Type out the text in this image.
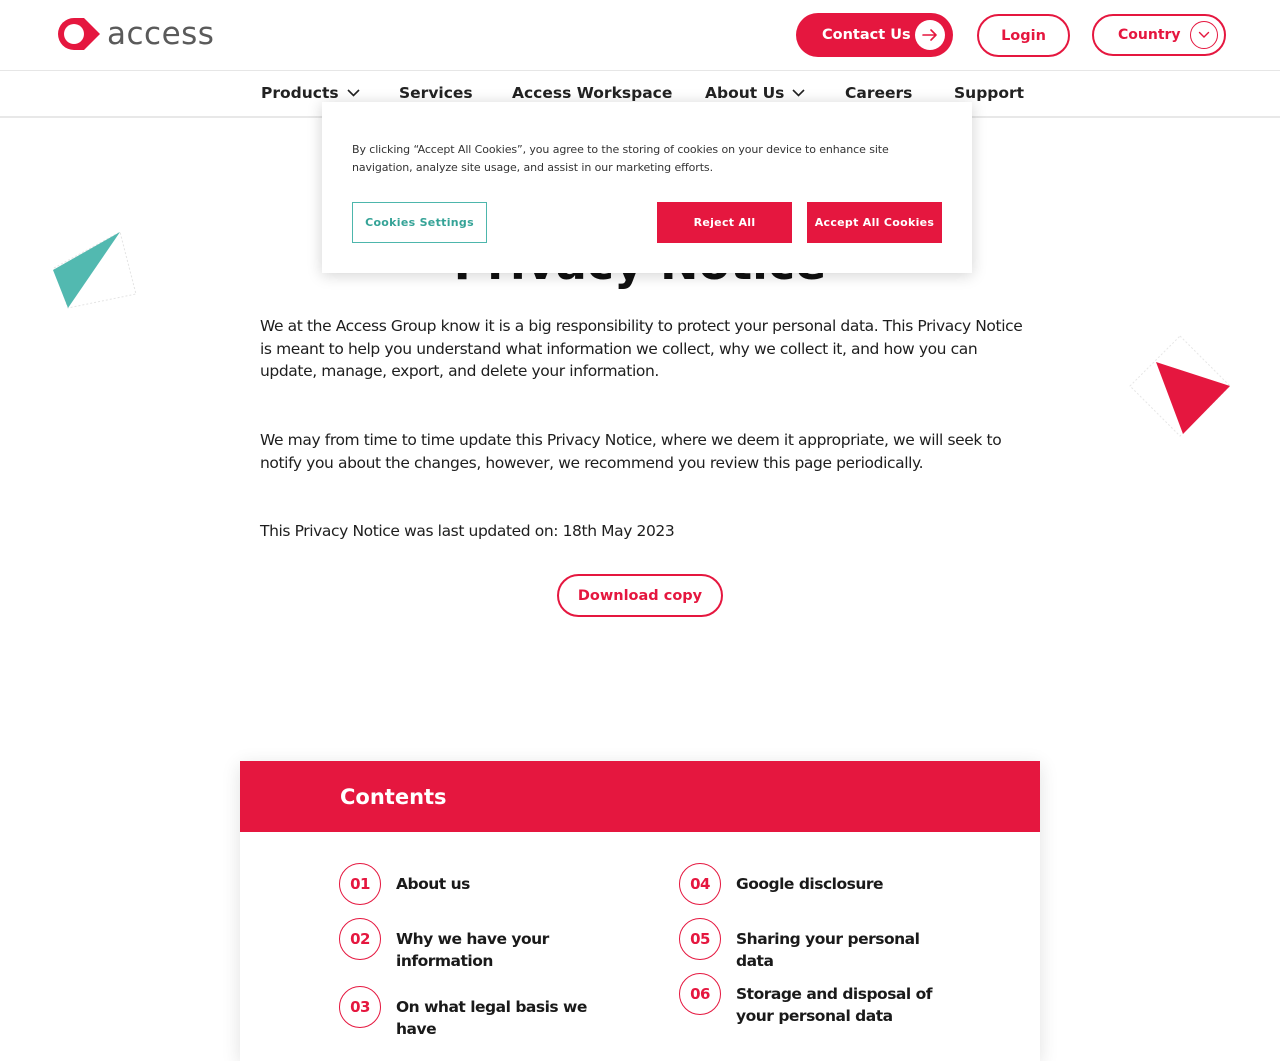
access	Contact Us	Login	Country
Products	Services	Access Workspace About Us	Careers	Support

We at the Access Group know it is a big responsibility to protect your personal data. This Privacy Notice is meant to help you understand what information we collect, why we collect it, and how you can update, manage, export, and delete your information.

We may from time to time update this Privacy Notice, where we deem it appropriate, we will seek to notify you about the changes, however, we recommend you review this page periodically.

This Privacy Notice was last updated on: 18th May 2023

Download copy
Contents
01	About us
02	Why we have your information
03	On what legal basis we have
04	Google disclosure
05	Sharing your personal data
06	Storage and disposal of your personal data

By clicking “Accept All Cookies”, you agree to the storing of cookies on your device to enhance site navigation, analyze site usage, and assist in our marketing efforts.

Cookies Settings	Reject All	Accept All Cookies
